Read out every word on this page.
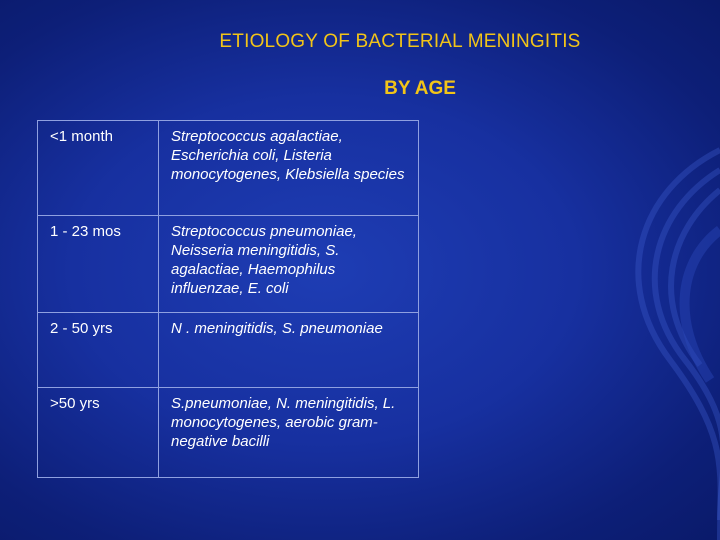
ETIOLOGY OF BACTERIAL MENINGITIS
BY AGE
<1 month	Streptococcus agalactiae, Escherichia coli, Listeria monocytogenes, Klebsiella species
1 - 23 mos	Streptococcus pneumoniae, Neisseria meningitidis, S. agalactiae, Haemophilus influenzae, E. coli
2 - 50 yrs	N . meningitidis, S. pneumoniae
>50 yrs	S.pneumoniae, N. meningitidis, L. monocytogenes, aerobic gram-negative bacilli
